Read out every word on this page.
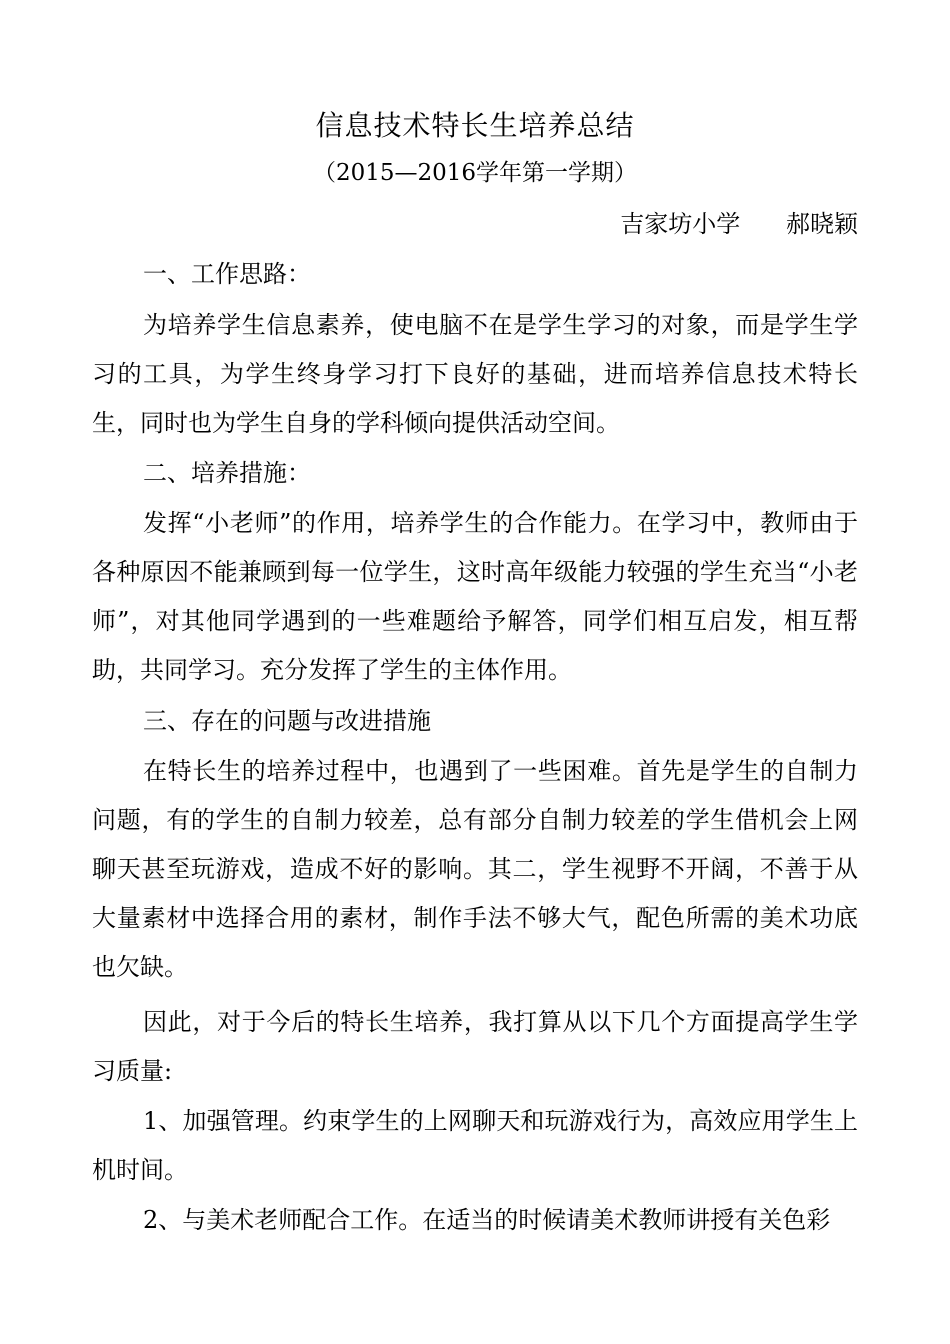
信息技术特长生培养总结
（2015—2016学年第一学期）
吉家坊小学      郝晓颖
一、工作思路：

为培养学生信息素养，使电脑不在是学生学习的对象，而是学生学习的工具，为学生终身学习打下良好的基础，进而培养信息技术特长生，同时也为学生自身的学科倾向提供活动空间。

二、培养措施：

发挥“小老师”的作用，培养学生的合作能力。在学习中，教师由于各种原因不能兼顾到每一位学生，这时高年级能力较强的学生充当“小老师”，对其他同学遇到的一些难题给予解答，同学们相互启发，相互帮助，共同学习。充分发挥了学生的主体作用。

三、存在的问题与改进措施

在特长生的培养过程中，也遇到了一些困难。首先是学生的自制力问题，有的学生的自制力较差，总有部分自制力较差的学生借机会上网聊天甚至玩游戏，造成不好的影响。其二，学生视野不开阔，不善于从大量素材中选择合用的素材，制作手法不够大气，配色所需的美术功底也欠缺。

因此，对于今后的特长生培养，我打算从以下几个方面提高学生学习质量:

1、加强管理。约束学生的上网聊天和玩游戏行为，高效应用学生上机时间。

2、与美术老师配合工作。在适当的时候请美术教师讲授有关色彩
